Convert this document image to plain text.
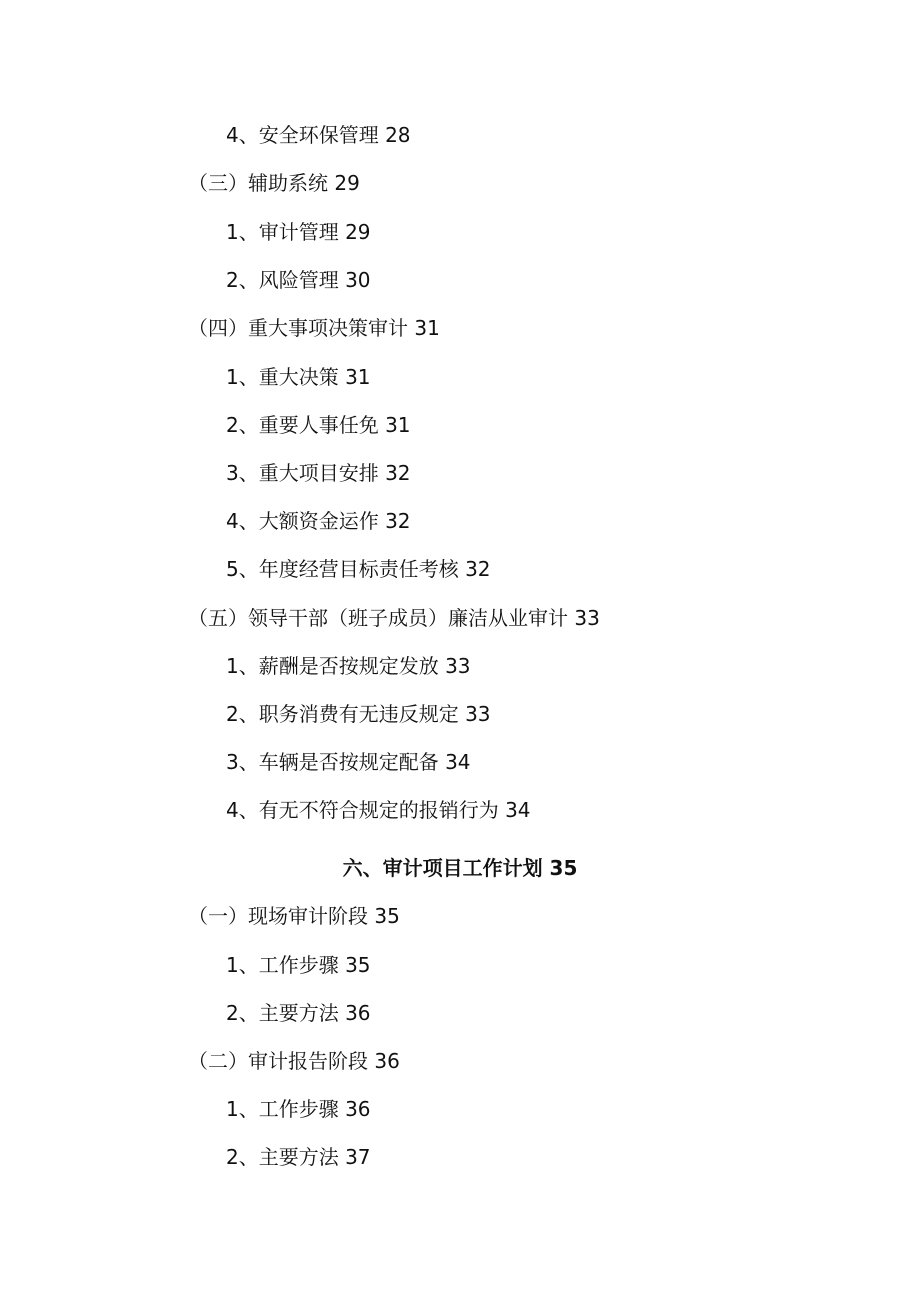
4、安全环保管理 28
（三）辅助系统 29
1、审计管理 29
2、风险管理 30
（四）重大事项决策审计 31
1、重大决策 31
2、重要人事任免 31
3、重大项目安排 32
4、大额资金运作 32
5、年度经营目标责任考核 32
（五）领导干部（班子成员）廉洁从业审计 33
1、薪酬是否按规定发放 33
2、职务消费有无违反规定 33
3、车辆是否按规定配备 34
4、有无不符合规定的报销行为 34
六、审计项目工作计划 35
（一）现场审计阶段 35
1、工作步骤 35
2、主要方法 36
（二）审计报告阶段 36
1、工作步骤 36
2、主要方法 37
